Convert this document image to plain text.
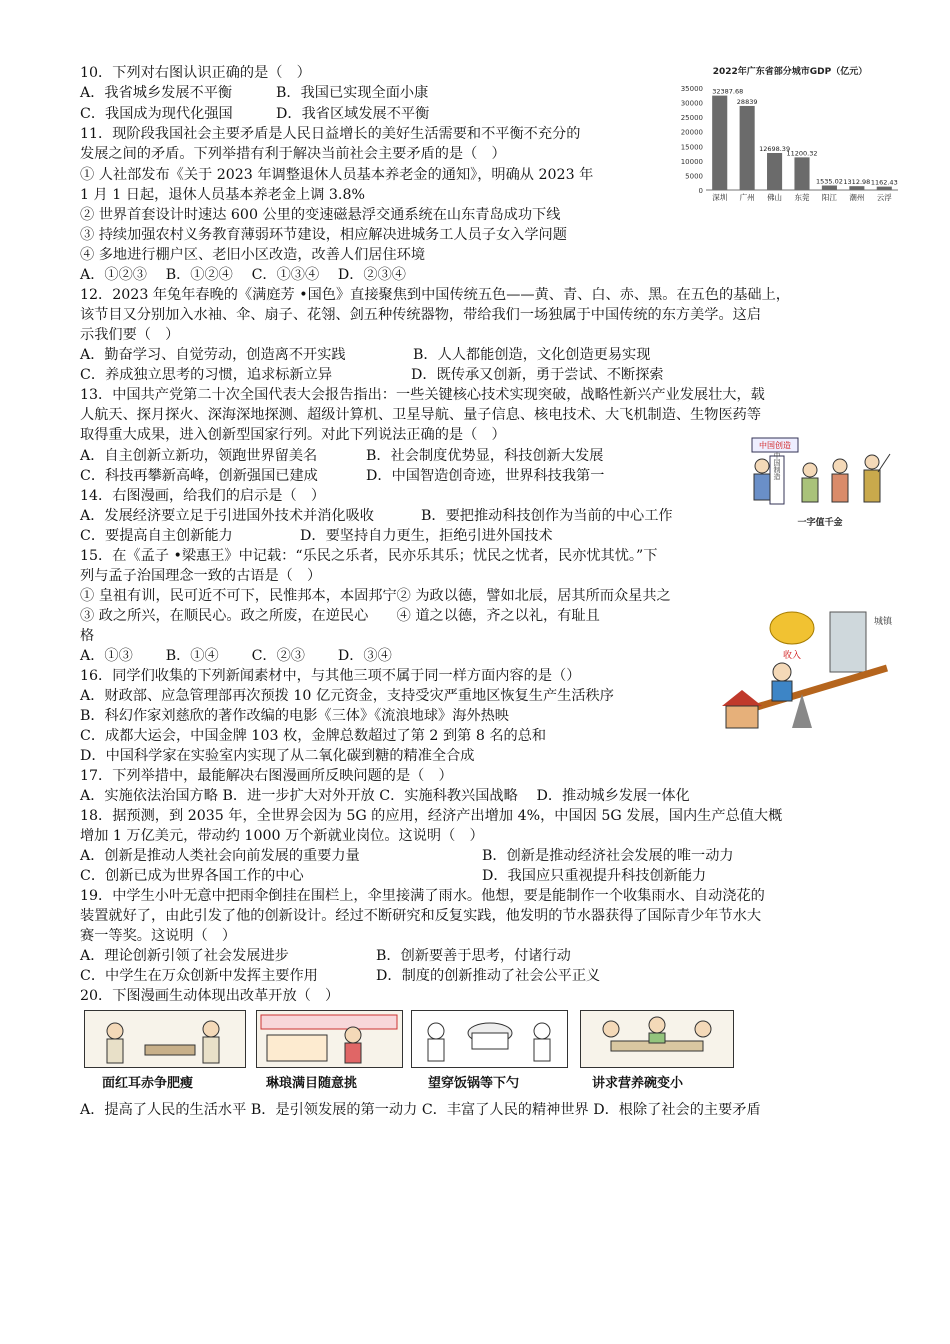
10．下列对右图认识正确的是（　）
A．我省城乡发展不平衡	B．我国已实现全面小康
C．我国成为现代化强国	D．我省区域发展不平衡
2022年广东省部分城市GDP（亿元）
35000
30000
25000
20000
15000
10000
5000
0
32387.68
深圳
28839
广州
12698.39
佛山
11200.32
东莞
1535.02
阳江
1312.98
潮州
1162.43
云浮
11．现阶段我国社会主要矛盾是人民日益增长的美好生活需要和不平衡不充分的
发展之间的矛盾。下列举措有利于解决当前社会主要矛盾的是（　）
① 人社部发布《关于 2023 年调整退休人员基本养老金的通知》，明确从 2023 年
1 月 1 日起，退休人员基本养老金上调 3.8%
② 世界首套设计时速达 600 公里的变速磁悬浮交通系统在山东青岛成功下线
③ 持续加强农村义务教育薄弱环节建设，相应解决进城务工人员子女入学问题
④ 多地进行棚户区、老旧小区改造，改善人们居住环境
A．①②③　 B．①②④　 C．①③④　 D．②③④
12．2023 年兔年春晚的《满庭芳 •国色》直接聚焦到中国传统五色——黄、青、白、赤、黑。在五色的基础上，
该节目又分别加入水袖、伞、扇子、花翎、剑五种传统器物，带给我们一场独属于中国传统的东方美学。这启
示我们要（　）
A．勤奋学习、自觉劳动，创造离不开实践	B．人人都能创造，文化创造更易实现
C．养成独立思考的习惯，追求标新立异	D．既传承又创新，勇于尝试、不断探索
13．中国共产党第二十次全国代表大会报告指出：一些关键核心技术实现突破，战略性新兴产业发展壮大，载
人航天、探月探火、深海深地探测、超级计算机、卫星导航、量子信息、核电技术、大飞机制造、生物医药等
取得重大成果，进入创新型国家行列。对此下列说法正确的是（　）
A．自主创新立新功，领跑世界留美名	B．社会制度优势显，科技创新大发展
C．科技再攀新高峰，创新强国已建成	D．中国智造创奇迹，世界科技我第一
中国创造
中国制造
一字值千金
14．右图漫画，给我们的启示是（　）
A．发展经济要立足于引进国外技术并消化吸收	B．要把推动科技创作为当前的中心工作
C．要提高自主创新能力	D．要坚持自力更生，拒绝引进外国技术
15．在《孟子 •梁惠王》中记载：“乐民之乐者，民亦乐其乐；忧民之忧者，民亦忧其忧。”下
列与孟子治国理念一致的古语是（　）
① 皇祖有训，民可近不可下，民惟邦本，本固邦宁② 为政以德，譬如北辰，居其所而众星共之
③ 政之所兴，在顺民心。政之所废，在逆民心　　④ 道之以德，齐之以礼，有耻且
格
A．①③　　 B．①④　　 C．②③　　 D．③④
城镇
收入
16．同学们收集的下列新闻素材中，与其他三项不属于同一样方面内容的是（）
A．财政部、应急管理部再次预拨 10 亿元资金，支持受灾严重地区恢复生产生活秩序
B．科幻作家刘慈欣的著作改编的电影《三体》《流浪地球》海外热映
C．成都大运会，中国金牌 103 枚，金牌总数超过了第 2 到第 8 名的总和
D．中国科学家在实验室内实现了从二氧化碳到糖的精准全合成
17．下列举措中，最能解决右图漫画所反映问题的是（　）
A．实施依法治国方略 B．进一步扩大对外开放 C．实施科教兴国战略　 D．推动城乡发展一体化
18．据预测，到 2035 年，全世界会因为 5G 的应用，经济产出增加 4%，中国因 5G 发展，国内生产总值大概
增加 1 万亿美元，带动约 1000 万个新就业岗位。这说明（　）
A．创新是推动人类社会向前发展的重要力量	B．创新是推动经济社会发展的唯一动力
C．创新已成为世界各国工作的中心	D．我国应只重视提升科技创新能力
19．中学生小叶无意中把雨伞倒挂在围栏上，伞里接满了雨水。他想，要是能制作一个收集雨水、自动浇花的
装置就好了，由此引发了他的创新设计。经过不断研究和反复实践，他发明的节水器获得了国际青少年节水大
赛一等奖。这说明（　）
A．理论创新引领了社会发展进步	B．创新要善于思考，付诸行动
C．中学生在万众创新中发挥主要作用	D．制度的创新推动了社会公平正义
20．下图漫画生动体现出改革开放（　）
面红耳赤争肥瘦	琳琅满目随意挑	望穿饭锅等下勺	讲求营养碗变小
A．提高了人民的生活水平 B．是引领发展的第一动力 C．丰富了人民的精神世界 D．根除了社会的主要矛盾
